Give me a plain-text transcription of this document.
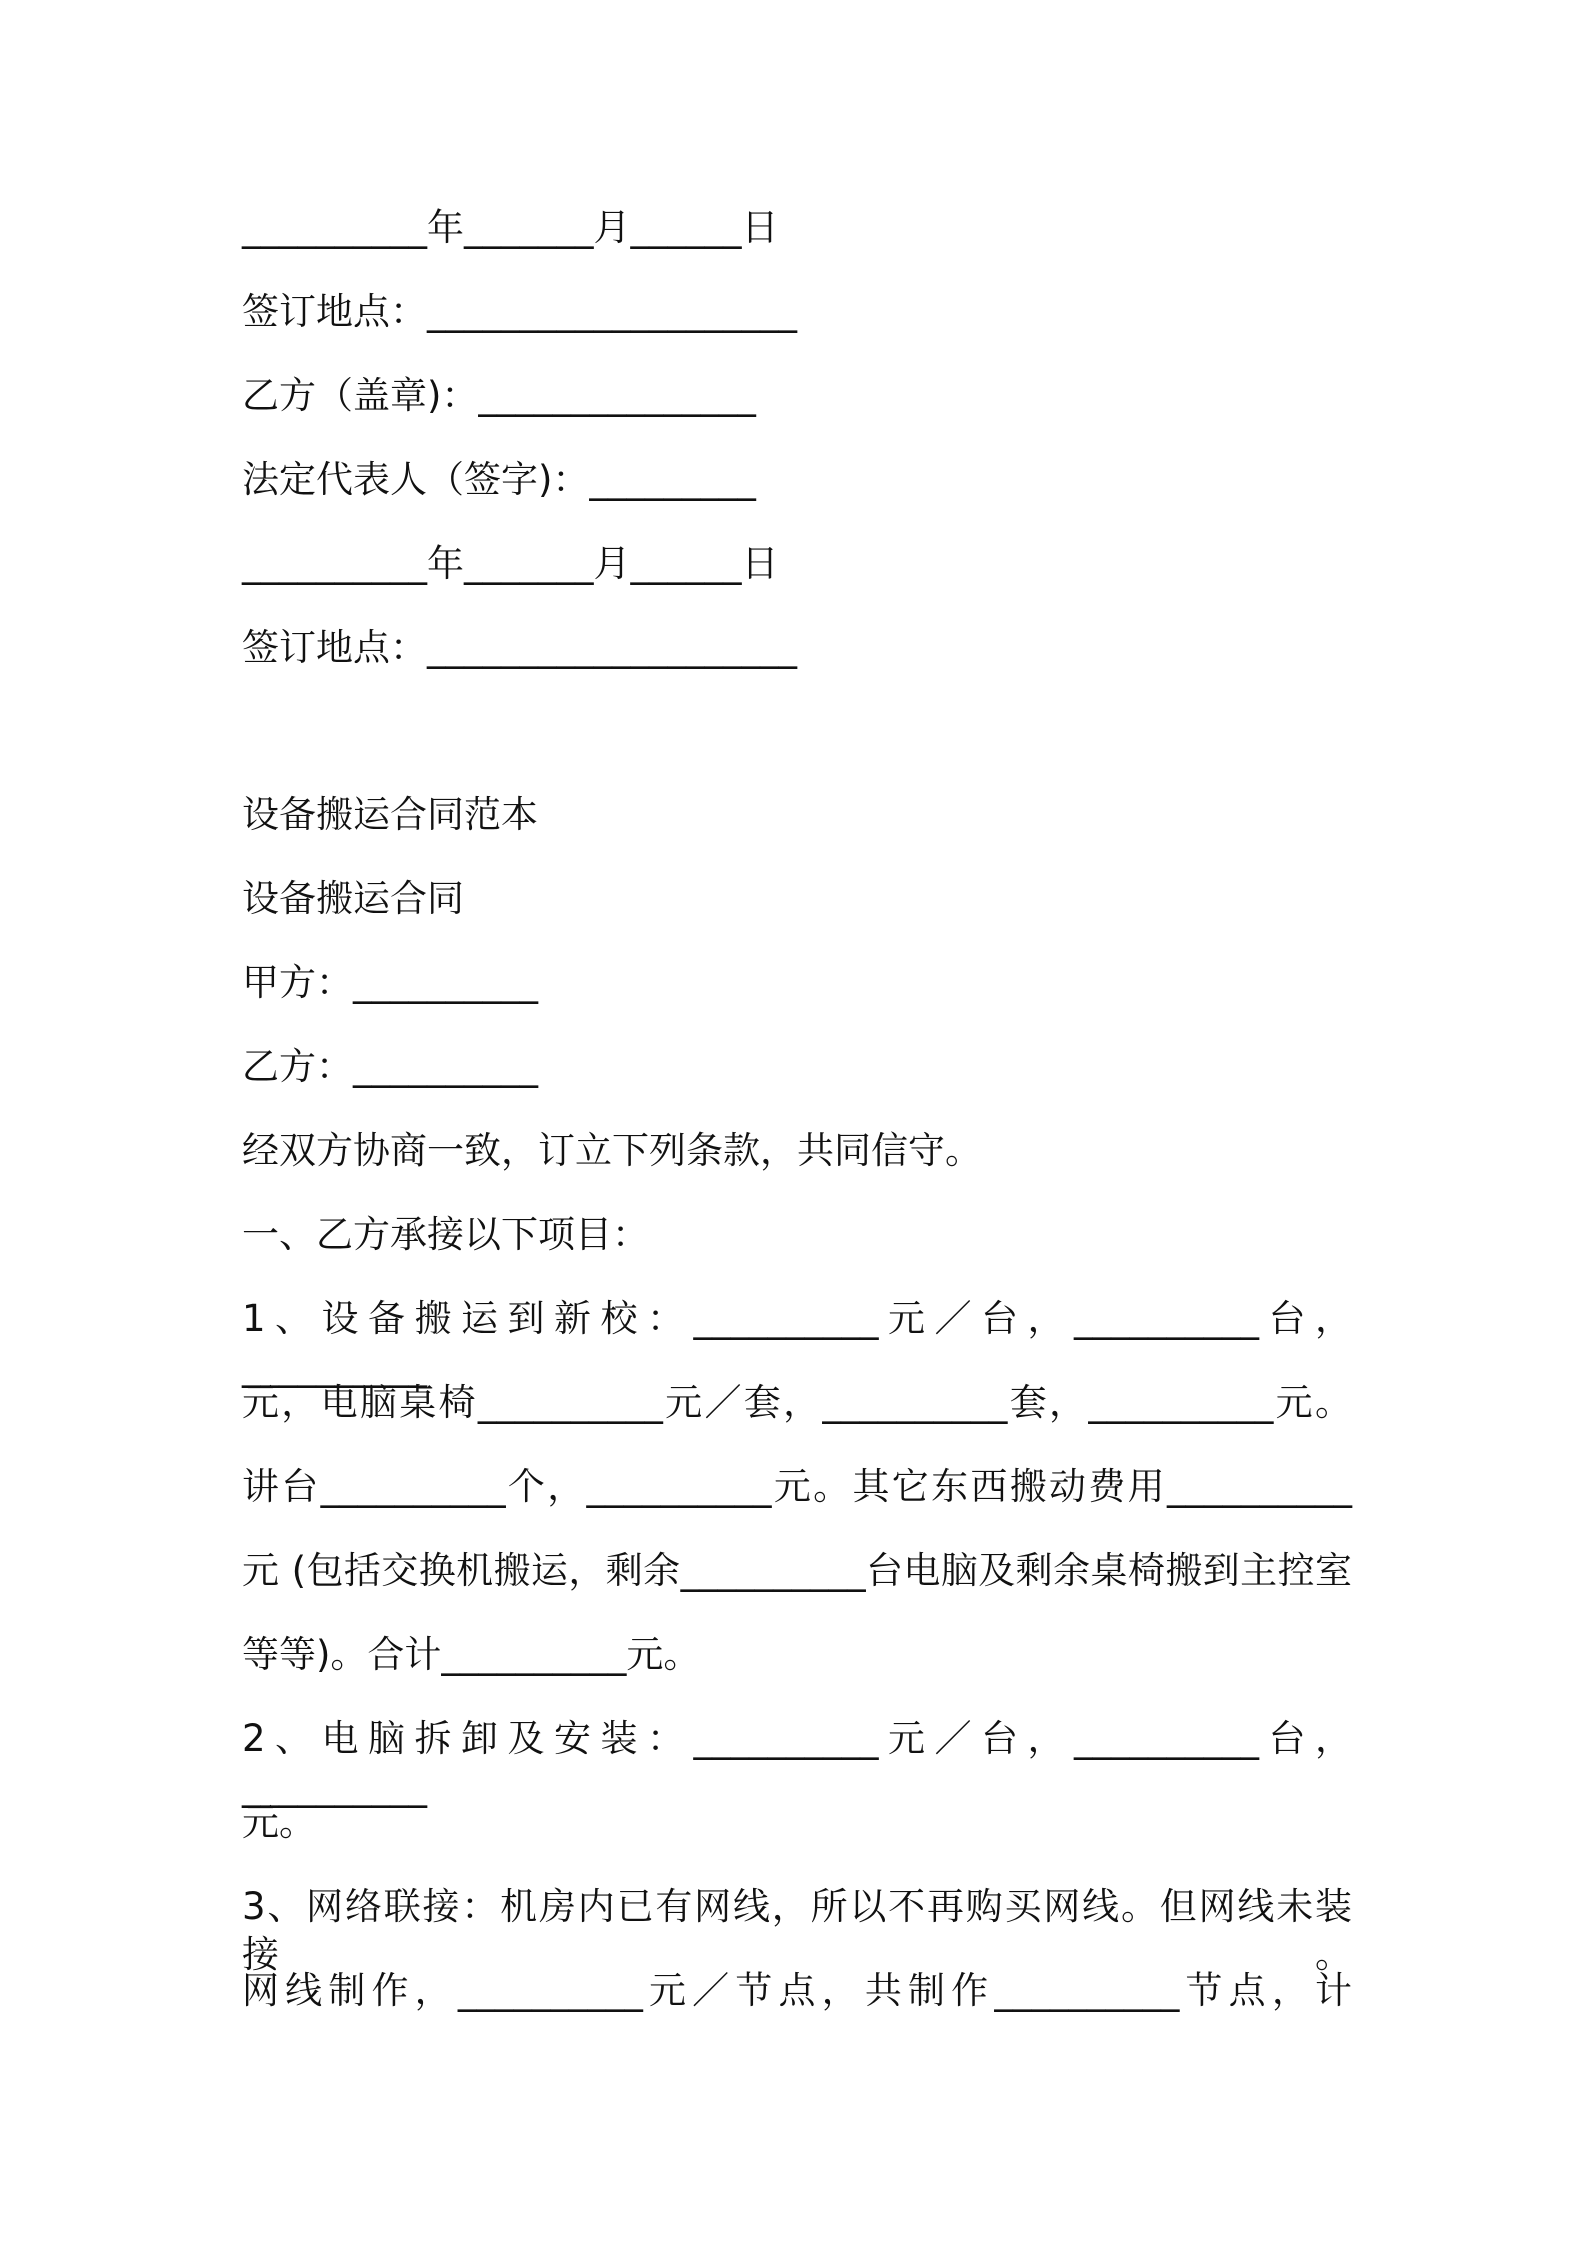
__________年_______月______日
签订地点：____________________
乙方（盖章)：_______________
法定代表人（签字)：_________
__________年_______月______日
签订地点：____________________
设备搬运合同范本
设备搬运合同
甲方：__________
乙方：__________
经双方协商一致，订立下列条款，共同信守。
一、乙方承接以下项目：
1、设备搬运到新校：__________元／台，__________台，__________
元，电脑桌椅__________元／套，__________套，__________元。
讲台__________个，__________元。其它东西搬动费用__________
元 (包括交换机搬运，剩余__________台电脑及剩余桌椅搬到主控室
等等)。合计__________元。
2、电脑拆卸及安装：__________元／台，__________台，__________
元。
3、网络联接：机房内已有网线，所以不再购买网线。但网线未装接。
网线制作，__________元／节点，共制作__________节点，计
